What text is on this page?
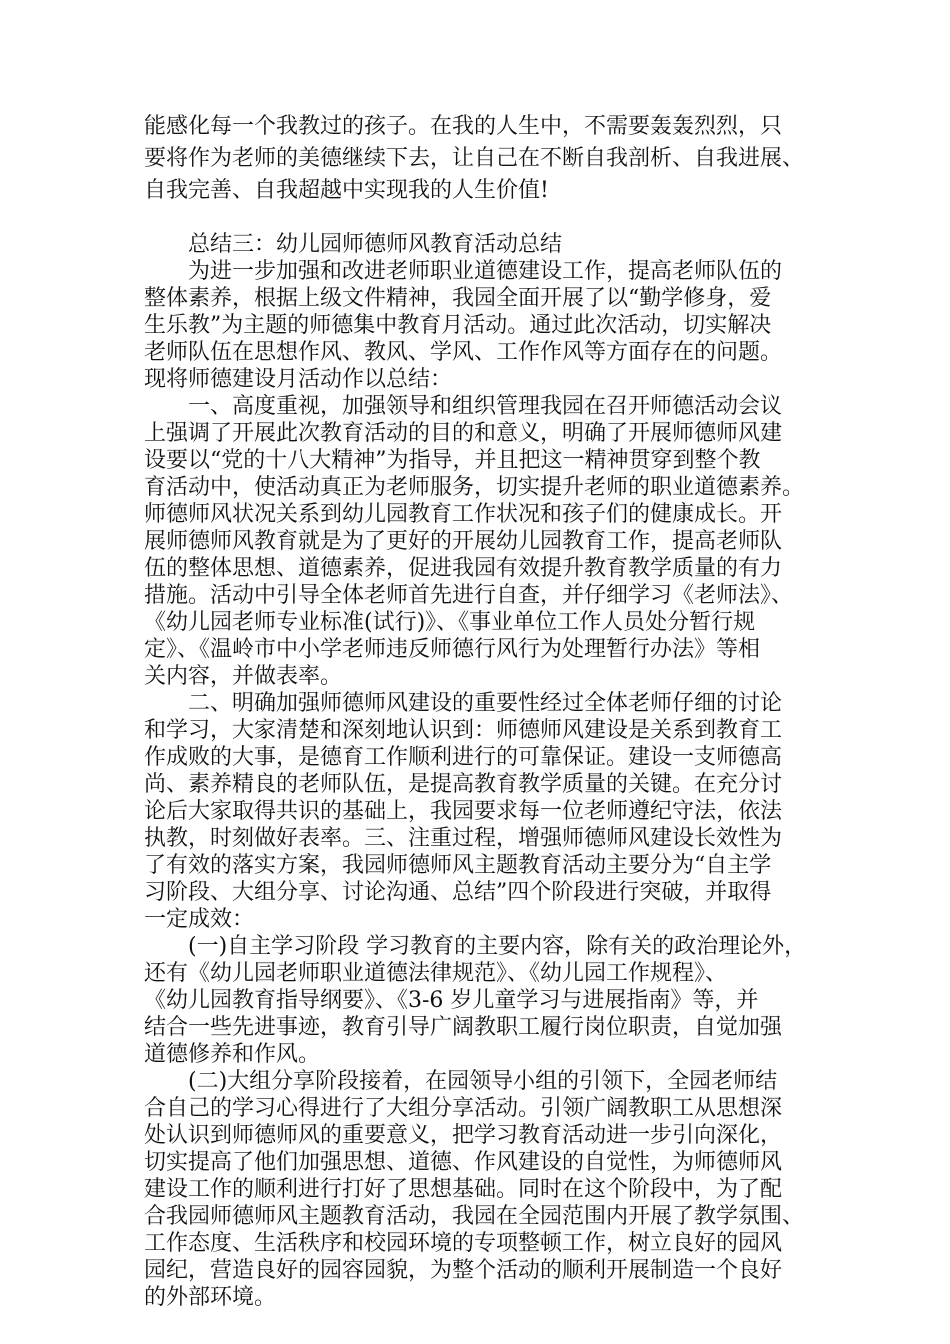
能感化每一个我教过的孩子。在我的人生中，不需要轰轰烈烈，只
要将作为老师的美德继续下去，让自己在不断自我剖析、自我进展、
自我完善、自我超越中实现我的人生价值!
总结三：幼儿园师德师风教育活动总结
为进一步加强和改进老师职业道德建设工作，提高老师队伍的
整体素养，根据上级文件精神，我园全面开展了以“勤学修身，爱
生乐教”为主题的师德集中教育月活动。通过此次活动，切实解决
老师队伍在思想作风、教风、学风、工作作风等方面存在的问题。
现将师德建设月活动作以总结：
一、高度重视，加强领导和组织管理我园在召开师德活动会议
上强调了开展此次教育活动的目的和意义，明确了开展师德师风建
设要以“党的十八大精神”为指导，并且把这一精神贯穿到整个教
育活动中，使活动真正为老师服务，切实提升老师的职业道德素养。
师德师风状况关系到幼儿园教育工作状况和孩子们的健康成长。开
展师德师风教育就是为了更好的开展幼儿园教育工作，提高老师队
伍的整体思想、道德素养，促进我园有效提升教育教学质量的有力
措施。活动中引导全体老师首先进行自查，并仔细学习《老师法》、
《幼儿园老师专业标准(试行)》、《事业单位工作人员处分暂行规
定》、《温岭市中小学老师违反师德行风行为处理暂行办法》等相
关内容，并做表率。
二、明确加强师德师风建设的重要性经过全体老师仔细的讨论
和学习，大家清楚和深刻地认识到：师德师风建设是关系到教育工
作成败的大事，是德育工作顺利进行的可靠保证。建设一支师德高
尚、素养精良的老师队伍，是提高教育教学质量的关键。在充分讨
论后大家取得共识的基础上，我园要求每一位老师遵纪守法，依法
执教，时刻做好表率。三、注重过程，增强师德师风建设长效性为
了有效的落实方案，我园师德师风主题教育活动主要分为“自主学
习阶段、大组分享、讨论沟通、总结”四个阶段进行突破，并取得
一定成效：
(一)自主学习阶段 学习教育的主要内容，除有关的政治理论外，
还有《幼儿园老师职业道德法律规范》、《幼儿园工作规程》、
《幼儿园教育指导纲要》、《3-6 岁儿童学习与进展指南》等，并
结合一些先进事迹，教育引导广阔教职工履行岗位职责，自觉加强
道德修养和作风。
(二)大组分享阶段接着，在园领导小组的引领下，全园老师结
合自己的学习心得进行了大组分享活动。引领广阔教职工从思想深
处认识到师德师风的重要意义，把学习教育活动进一步引向深化，
切实提高了他们加强思想、道德、作风建设的自觉性，为师德师风
建设工作的顺利进行打好了思想基础。同时在这个阶段中，为了配
合我园师德师风主题教育活动，我园在全园范围内开展了教学氛围、
工作态度、生活秩序和校园环境的专项整顿工作，树立良好的园风
园纪，营造良好的园容园貌，为整个活动的顺利开展制造一个良好
的外部环境。
